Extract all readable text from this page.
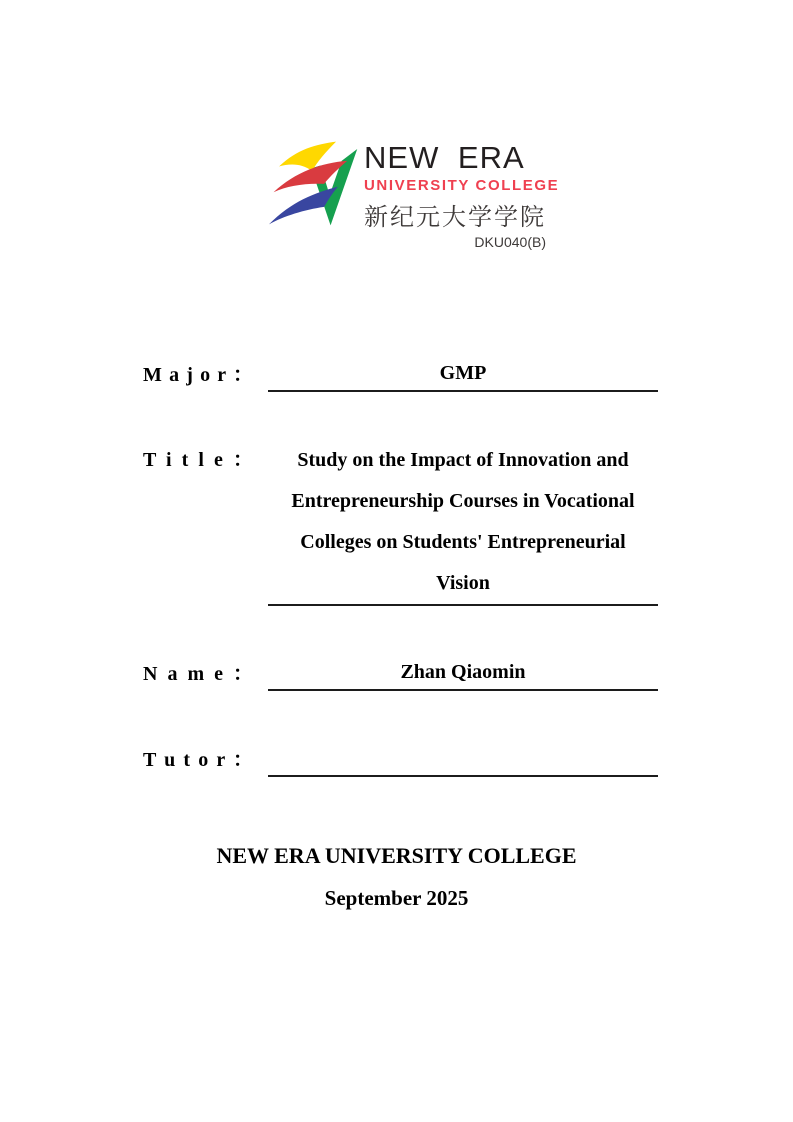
NEW ERA
UNIVERSITY COLLEGE
新纪元大学学院
DKU040(B)
M a j o r ：	GMP
T i t l e ：	Study on the Impact of Innovation and
Entrepreneurship Courses in Vocational
Colleges on Students' Entrepreneurial
Vision
N a m e ：	Zhan Qiaomin
T u t o r ：
NEW ERA UNIVERSITY COLLEGE
September 2025
